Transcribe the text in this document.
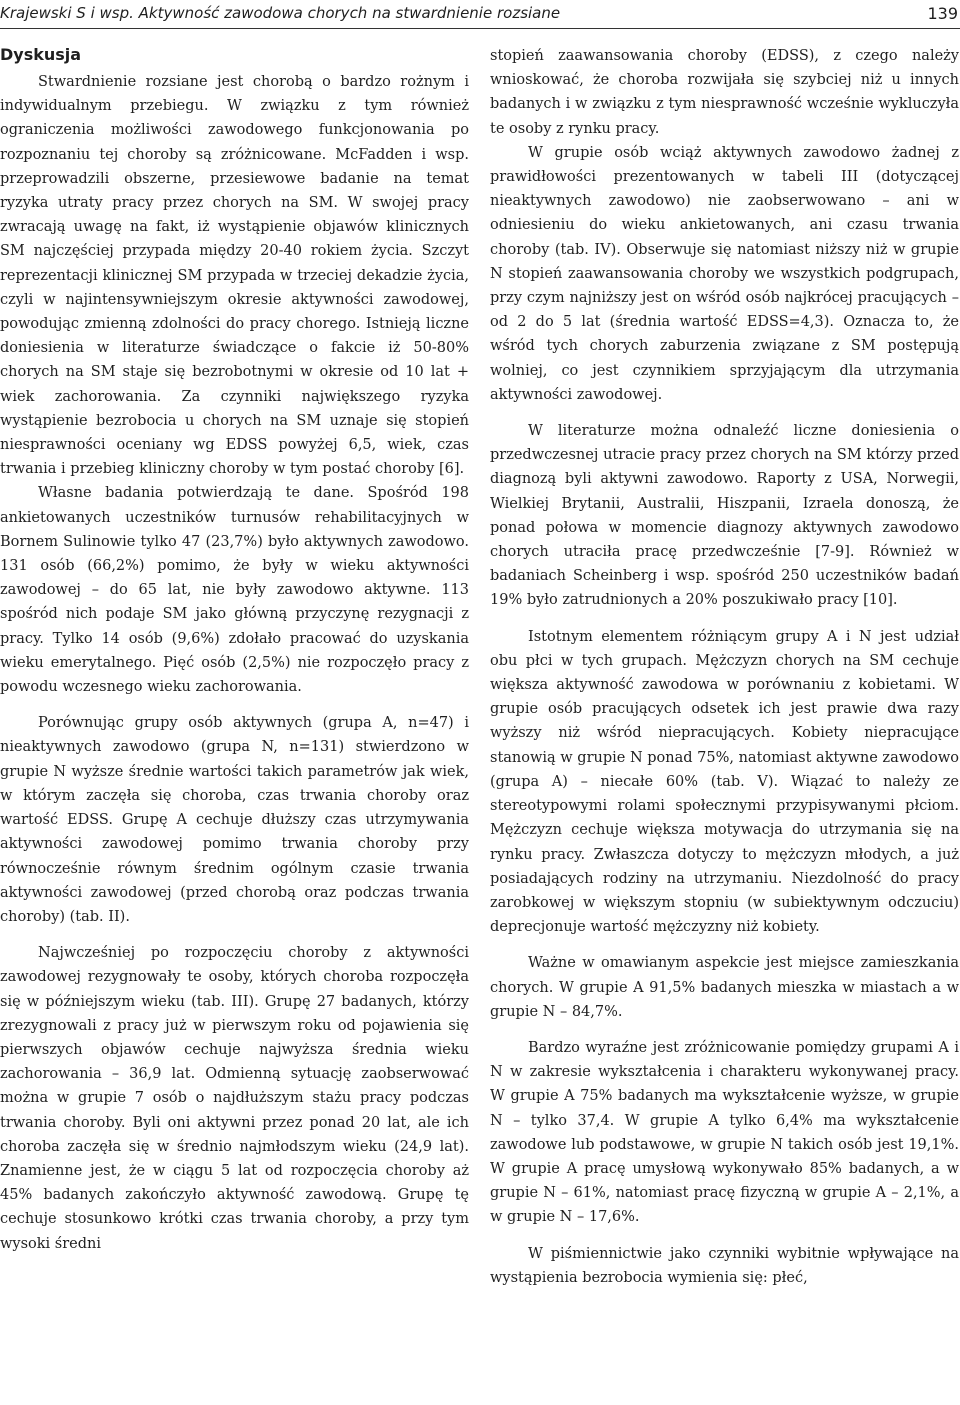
Krajewski S i wsp. Aktywność zawodowa chorych na stwardnienie rozsiane	139
Dyskusja

Stwardnienie rozsiane jest chorobą o bardzo rożnym i indywidualnym przebiegu. W związku z tym również ograniczenia możliwości zawodowego funkcjonowania po rozpoznaniu tej choroby są zróżnicowane. McFadden i wsp. przeprowadzili obszerne, przesiewowe badanie na temat ryzyka utraty pracy przez chorych na SM. W swojej pracy zwracają uwagę na fakt, iż wystąpienie objawów klinicznych SM najczęściej przypada między 20-40 rokiem życia. Szczyt reprezentacji klinicznej SM przypada w trzeciej dekadzie życia, czyli w najintensywniejszym okresie aktywności zawodowej, powodując zmienną zdolności do pracy chorego. Istnieją liczne doniesienia w literaturze świadczące o fakcie iż 50-80% chorych na SM staje się bezrobotnymi w okresie od 10 lat + wiek zachorowania. Za czynniki największego ryzyka wystąpienie bezrobocia u chorych na SM uznaje się stopień niesprawności oceniany wg EDSS powyżej 6,5, wiek, czas trwania i przebieg kliniczny choroby w tym postać choroby [6].

Własne badania potwierdzają te dane. Spośród 198 ankietowanych uczestników turnusów rehabilitacyjnych w Bornem Sulinowie tylko 47 (23,7%) było aktywnych zawodowo. 131 osób (66,2%) pomimo, że były w wieku aktywności zawodowej – do 65 lat, nie były zawodowo aktywne. 113 spośród nich podaje SM jako główną przyczynę rezygnacji z pracy. Tylko 14 osób (9,6%) zdołało pracować do uzyskania wieku emerytalnego. Pięć osób (2,5%) nie rozpoczęło pracy z powodu wczesnego wieku zachorowania.

Porównując grupy osób aktywnych (grupa A, n=47) i nieaktywnych zawodowo (grupa N, n=131) stwierdzono w grupie N wyższe średnie wartości takich parametrów jak wiek, w którym zaczęła się choroba, czas trwania choroby oraz wartość EDSS. Grupę A cechuje dłuższy czas utrzymywania aktywności zawodowej pomimo trwania choroby przy równocześnie równym średnim ogólnym czasie trwania aktywności zawodowej (przed chorobą oraz podczas trwania choroby) (tab. II).

Najwcześniej po rozpoczęciu choroby z aktywności zawodowej rezygnowały te osoby, których choroba rozpoczęła się w późniejszym wieku (tab. III). Grupę 27 badanych, którzy zrezygnowali z pracy już w pierwszym roku od pojawienia się pierwszych objawów cechuje najwyższa średnia wieku zachorowania – 36,9 lat. Odmienną sytuację zaobserwować można w grupie 7 osób o najdłuższym stażu pracy podczas trwania choroby. Byli oni aktywni przez ponad 20 lat, ale ich choroba zaczęła się w średnio najmłodszym wieku (24,9 lat). Znamienne jest, że w ciągu 5 lat od rozpoczęcia choroby aż 45% badanych zakończyło aktywność zawodową. Grupę tę cechuje stosunkowo krótki czas trwania choroby, a przy tym wysoki średni

stopień zaawansowania choroby (EDSS), z czego należy wnioskować, że choroba rozwijała się szybciej niż u innych badanych i w związku z tym niesprawność wcześnie wykluczyła te osoby z rynku pracy.

W grupie osób wciąż aktywnych zawodowo żadnej z prawidłowości prezentowanych w tabeli III (dotyczącej nieaktywnych zawodowo) nie zaobserwowano – ani w odniesieniu do wieku ankietowanych, ani czasu trwania choroby (tab. IV). Obserwuje się natomiast niższy niż w grupie N stopień zaawansowania choroby we wszystkich podgrupach, przy czym najniższy jest on wśród osób najkrócej pracujących – od 2 do 5 lat (średnia wartość EDSS=4,3). Oznacza to, że wśród tych chorych zaburzenia związane z SM postępują wolniej, co jest czynnikiem sprzyjającym dla utrzymania aktywności zawodowej.

W literaturze można odnaleźć liczne doniesienia o przedwczesnej utracie pracy przez chorych na SM którzy przed diagnozą byli aktywni zawodowo. Raporty z USA, Norwegii, Wielkiej Brytanii, Australii, Hiszpanii, Izraela donoszą, że ponad połowa w momencie diagnozy aktywnych zawodowo chorych utraciła pracę przedwcześnie [7-9]. Również w badaniach Scheinberg i wsp. spośród 250 uczestników badań 19% było zatrudnionych a 20% poszukiwało pracy [10].

Istotnym elementem różniącym grupy A i N jest udział obu płci w tych grupach. Mężczyzn chorych na SM cechuje większa aktywność zawodowa w porównaniu z kobietami. W grupie osób pracujących odsetek ich jest prawie dwa razy wyższy niż wśród niepracujących. Kobiety niepracujące stanowią w grupie N ponad 75%, natomiast aktywne zawodowo (grupa A) – niecałe 60% (tab. V). Wiązać to należy ze stereotypowymi rolami społecznymi przypisywanymi płciom. Mężczyzn cechuje większa motywacja do utrzymania się na rynku pracy. Zwłaszcza dotyczy to mężczyzn młodych, a już posiadających rodziny na utrzymaniu. Niezdolność do pracy zarobkowej w większym stopniu (w subiektywnym odczuciu) deprecjonuje wartość mężczyzny niż kobiety.

Ważne w omawianym aspekcie jest miejsce zamieszkania chorych. W grupie A 91,5% badanych mieszka w miastach a w grupie N – 84,7%.

Bardzo wyraźne jest zróżnicowanie pomiędzy grupami A i N w zakresie wykształcenia i charakteru wykonywanej pracy. W grupie A 75% badanych ma wykształcenie wyższe, w grupie N – tylko 37,4. W grupie A tylko 6,4% ma wykształcenie zawodowe lub podstawowe, w grupie N takich osób jest 19,1%. W grupie A pracę umysłową wykonywało 85% badanych, a w grupie N – 61%, natomiast pracę fizyczną w grupie A – 2,1%, a w grupie N – 17,6%.

W piśmiennictwie jako czynniki wybitnie wpływające na wystąpienia bezrobocia wymienia się: płeć,
